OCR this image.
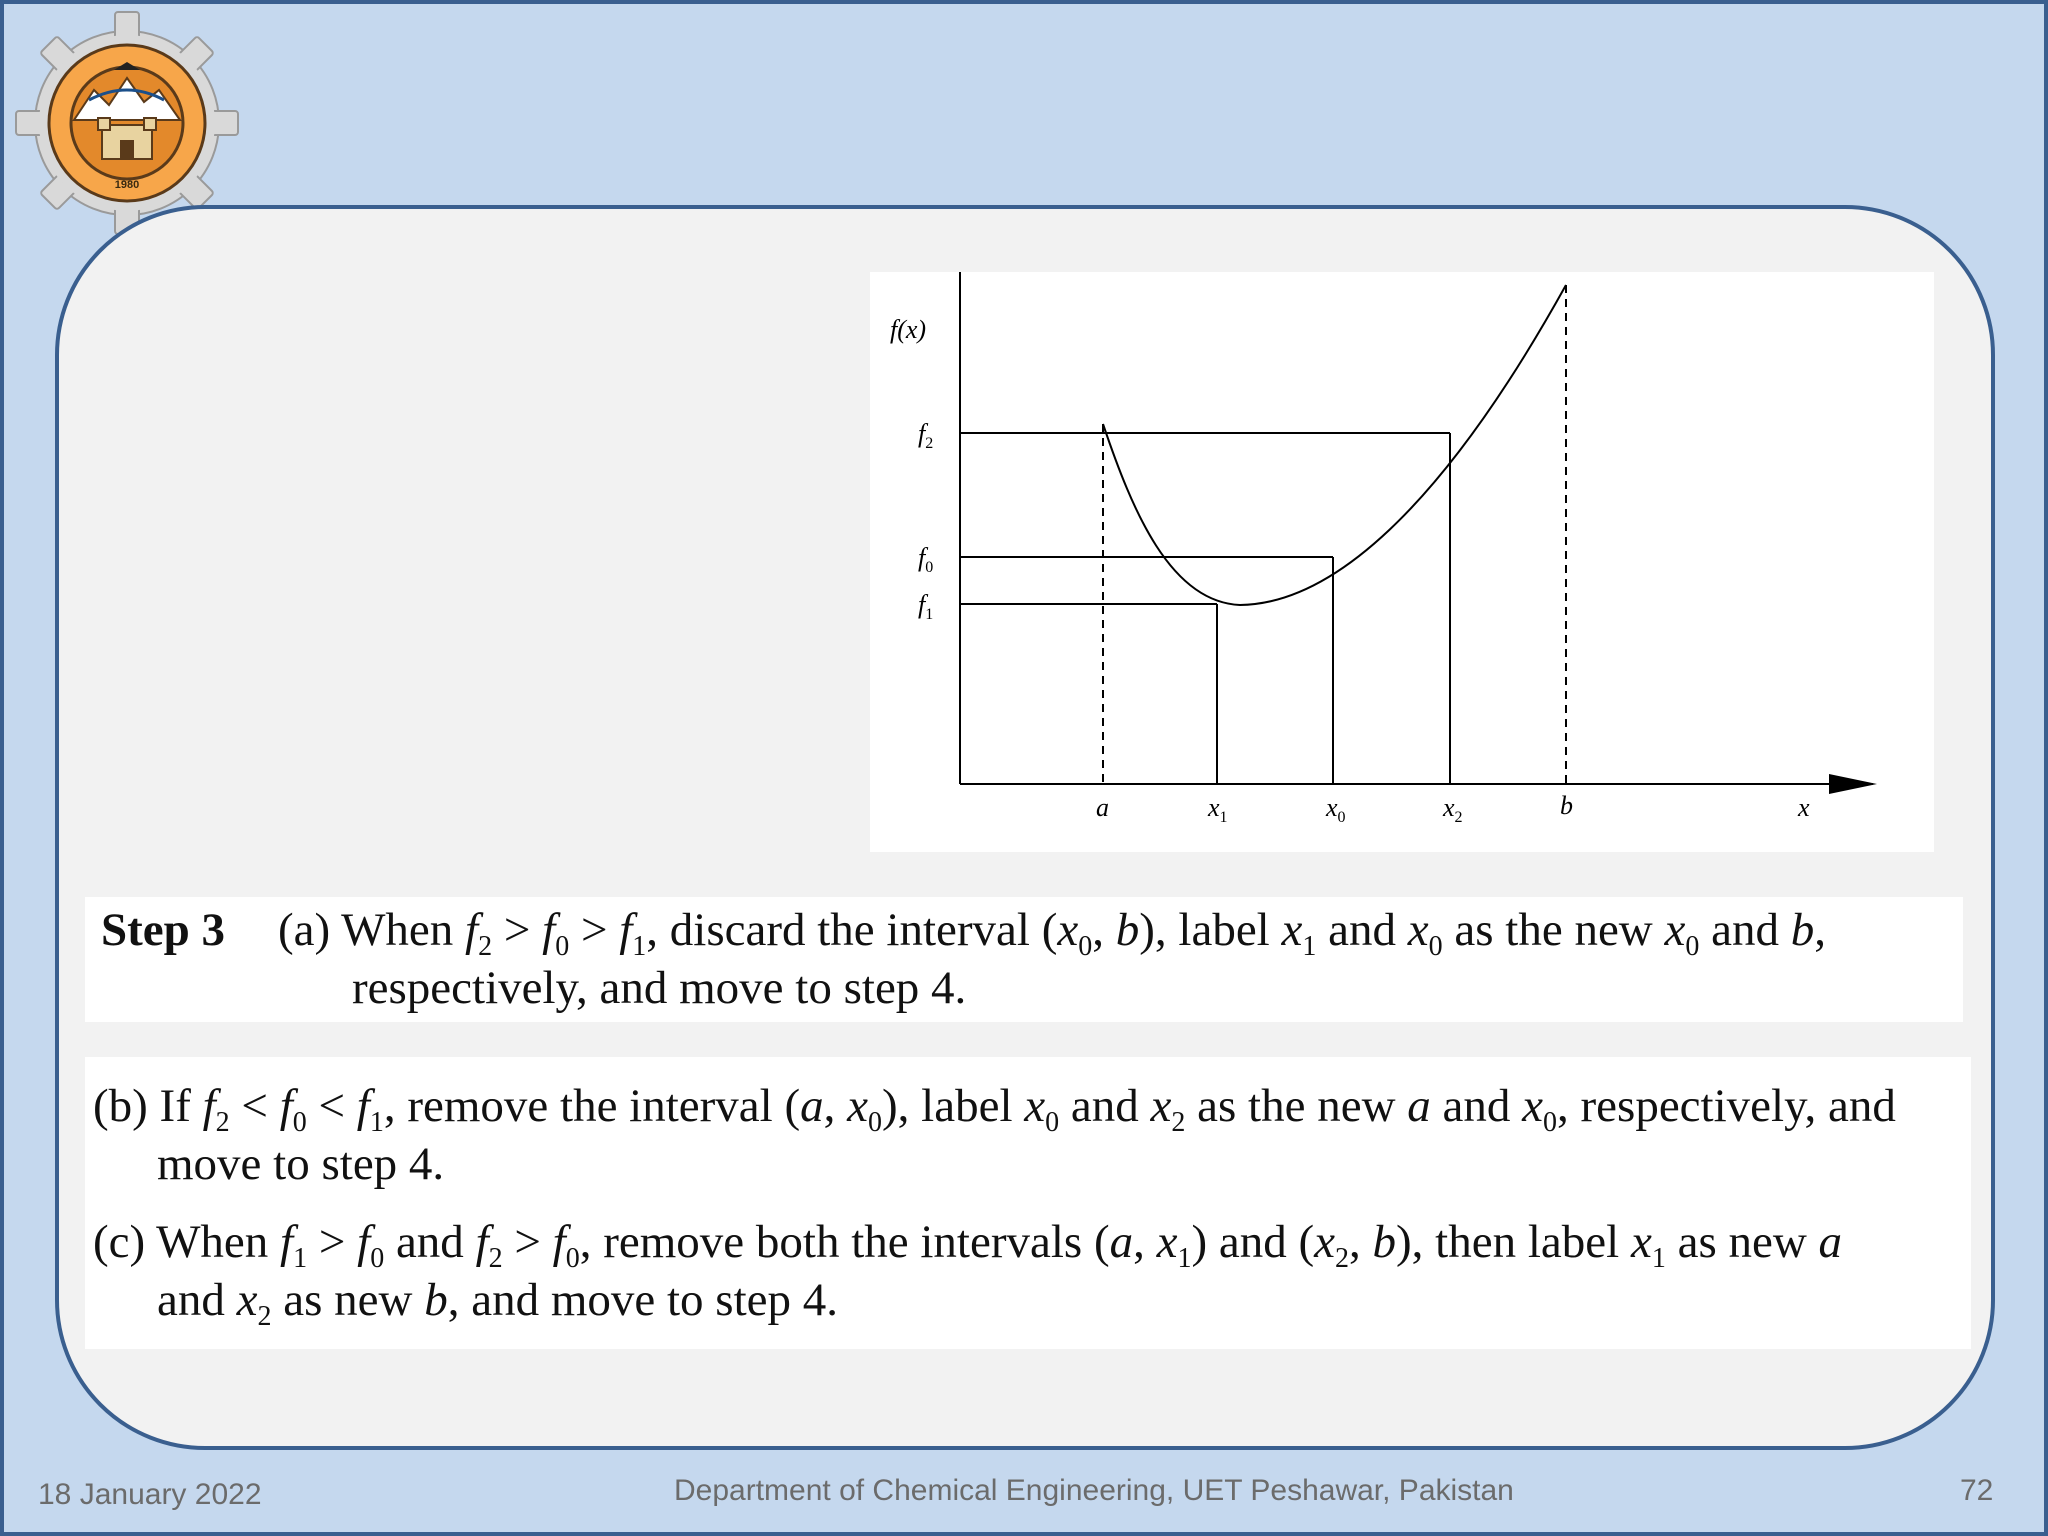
1980
f(x)
$f_2$
$f_0$
$f_1$
a	$x_1$	$x_0$	$x_2$	b	x
Step 3 (a) When $f_2 > f_0 > f_1$, discard the interval ($x_0$, b), label $x_1$ and $x_0$ as the new $x_0$ and b,
respectively, and move to step 4.
(b) If $f_2 < f_0 < f_1$, remove the interval (a, $x_0$), label $x_0$ and $x_2$ as the new a and $x_0$, respectively, and
move to step 4.
(c) When $f_1 > f_0$ and $f_2 > f_0$, remove both the intervals (a, $x_1$) and ($x_2$, b), then label $x_1$ as new a
and $x_2$ as new b, and move to step 4.
18 January 2022	Department of Chemical Engineering, UET Peshawar, Pakistan	72
